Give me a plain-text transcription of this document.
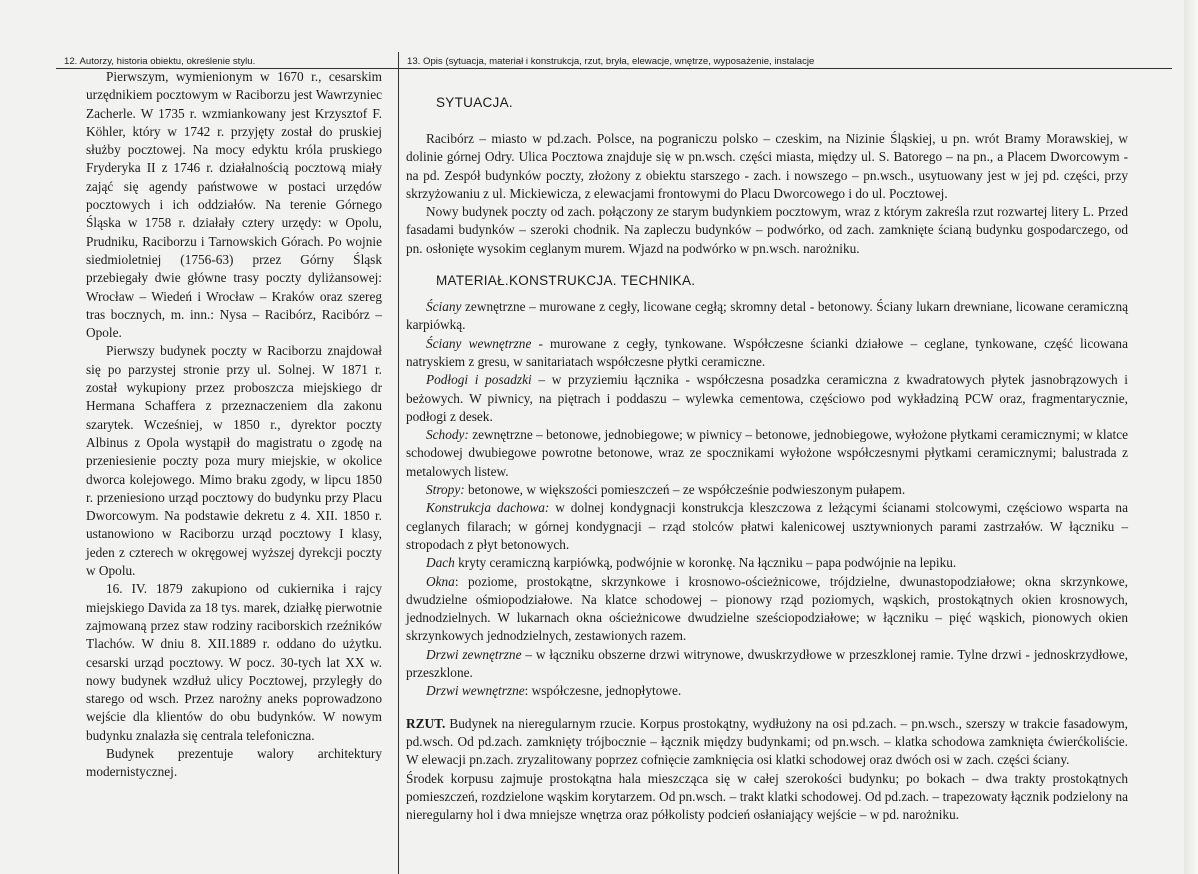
12. Autorzy, historia obiektu, określenie stylu.	13. Opis (sytuacja, materiał i konstrukcja, rzut, bryła, elewacje, wnętrze, wyposażenie, instalacje

Pierwszym, wymienionym w 1670 r., cesarskim urzędnikiem pocztowym w Raciborzu jest Wawrzyniec Zacherle. W 1735 r. wzmiankowany jest Krzysztof F. Köhler, który w 1742 r. przyjęty został do pruskiej służby pocztowej. Na mocy edyktu króla pruskiego Fryderyka II z 1746 r. działalnością pocztową miały zająć się agendy państwowe w postaci urzędów pocztowych i ich oddziałów. Na terenie Górnego Śląska w 1758 r. działały cztery urzędy: w Opolu, Prudniku, Raciborzu i Tarnowskich Górach. Po wojnie siedmioletniej (1756-63) przez Górny Śląsk przebiegały dwie główne trasy poczty dyliżansowej: Wrocław – Wiedeń i Wrocław – Kraków oraz szereg tras bocznych, m. inn.: Nysa – Racibórz, Racibórz – Opole.

Pierwszy budynek poczty w Raciborzu znajdował się po parzystej stronie przy ul. Solnej. W 1871 r. został wykupiony przez proboszcza miejskiego dr Hermana Schaffera z przeznaczeniem dla zakonu szarytek. Wcześniej, w 1850 r., dyrektor poczty Albinus z Opola wystąpił do magistratu o zgodę na przeniesienie poczty poza mury miejskie, w okolice dworca kolejowego. Mimo braku zgody, w lipcu 1850 r. przeniesiono urząd pocztowy do budynku przy Placu Dworcowym. Na podstawie dekretu z 4. XII. 1850 r. ustanowiono w Raciborzu urząd pocztowy I klasy, jeden z czterech w okręgowej wyższej dyrekcji poczty w Opolu.

16. IV. 1879 zakupiono od cukiernika i rajcy miejskiego Davida za 18 tys. marek, działkę pierwotnie zajmowaną przez staw rodziny raciborskich rzeźników Tlachów. W dniu 8. XII.1889 r. oddano do użytku. cesarski urząd pocztowy. W pocz. 30-tych lat XX w. nowy budynek wzdłuż ulicy Pocztowej, przyległy do starego od wsch. Przez narożny aneks poprowadzono wejście dla klientów do obu budynków. W nowym budynku znalazła się centrala telefoniczna.

Budynek prezentuje walory architektury modernistycznej.

SYTUACJA.

Racibórz – miasto w pd.zach. Polsce, na pograniczu polsko – czeskim, na Nizinie Śląskiej, u pn. wrót Bramy Morawskiej, w dolinie górnej Odry. Ulica Pocztowa znajduje się w pn.wsch. części miasta, między ul. S. Batorego – na pn., a Placem Dworcowym - na pd. Zespół budynków poczty, złożony z obiektu starszego - zach. i nowszego – pn.wsch., usytuowany jest w jej pd. części, przy skrzyżowaniu z ul. Mickiewicza, z elewacjami frontowymi do Placu Dworcowego i do ul. Pocztowej.

Nowy budynek poczty od zach. połączony ze starym budynkiem pocztowym, wraz z którym zakreśla rzut rozwartej litery L. Przed fasadami budynków – szeroki chodnik. Na zapleczu budynków – podwórko, od zach. zamknięte ścianą budynku gospodarczego, od pn. osłonięte wysokim ceglanym murem. Wjazd na podwórko w pn.wsch. narożniku.

MATERIAŁ.KONSTRUKCJA. TECHNIKA.

Ściany zewnętrzne – murowane z cegły, licowane cegłą; skromny detal - betonowy. Ściany lukarn drewniane, licowane ceramiczną karpiówką.

Ściany wewnętrzne - murowane z cegły, tynkowane. Współczesne ścianki działowe – ceglane, tynkowane, część licowana natryskiem z gresu, w sanitariatach współczesne płytki ceramiczne.

Podłogi i posadzki – w przyziemiu łącznika - współczesna posadzka ceramiczna z kwadratowych płytek jasnobrązowych i beżowych. W piwnicy, na piętrach i poddaszu – wylewka cementowa, częściowo pod wykładziną PCW oraz, fragmentarycznie, podłogi z desek.

Schody: zewnętrzne – betonowe, jednobiegowe; w piwnicy – betonowe, jednobiegowe, wyłożone płytkami ceramicznymi; w klatce schodowej dwubiegowe powrotne betonowe, wraz ze spocznikami wyłożone współczesnymi płytkami ceramicznymi; balustrada z metalowych listew.

Stropy: betonowe, w większości pomieszczeń – ze współcześnie podwieszonym pułapem.

Konstrukcja dachowa: w dolnej kondygnacji konstrukcja kleszczowa z leżącymi ścianami stolcowymi, częściowo wsparta na ceglanych filarach; w górnej kondygnacji – rząd stolców płatwi kalenicowej usztywnionych parami zastrzałów. W łączniku – stropodach z płyt betonowych.

Dach kryty ceramiczną karpiówką, podwójnie w koronkę. Na łączniku – papa podwójnie na lepiku.

Okna: poziome, prostokątne, skrzynkowe i krosnowo-ościeżnicowe, trójdzielne, dwunastopodziałowe; okna skrzynkowe, dwudzielne ośmiopodziałowe. Na klatce schodowej – pionowy rząd poziomych, wąskich, prostokątnych okien krosnowych, jednodzielnych. W lukarnach okna ościeżnicowe dwudzielne sześciopodziałowe; w łączniku – pięć wąskich, pionowych okien skrzynkowych jednodzielnych, zestawionych razem.

Drzwi zewnętrzne – w łączniku obszerne drzwi witrynowe, dwuskrzydłowe w przeszklonej ramie. Tylne drzwi - jednoskrzydłowe, przeszklone.

Drzwi wewnętrzne: współczesne, jednopłytowe.

RZUT. Budynek na nieregularnym rzucie. Korpus prostokątny, wydłużony na osi pd.zach. – pn.wsch., szerszy w trakcie fasadowym, pd.wsch. Od pd.zach. zamknięty trójbocznie – łącznik między budynkami; od pn.wsch. – klatka schodowa zamknięta ćwierćkoliście. W elewacji pn.zach. zryzalitowany poprzez cofnięcie zamknięcia osi klatki schodowej oraz dwóch osi w zach. części ściany.

Środek korpusu zajmuje prostokątna hala mieszcząca się w całej szerokości budynku; po bokach – dwa trakty prostokątnych pomieszczeń, rozdzielone wąskim korytarzem. Od pn.wsch. – trakt klatki schodowej. Od pd.zach. – trapezowaty łącznik podzielony na nieregularny hol i dwa mniejsze wnętrza oraz półkolisty podcień osłaniający wejście – w pd. narożniku.
